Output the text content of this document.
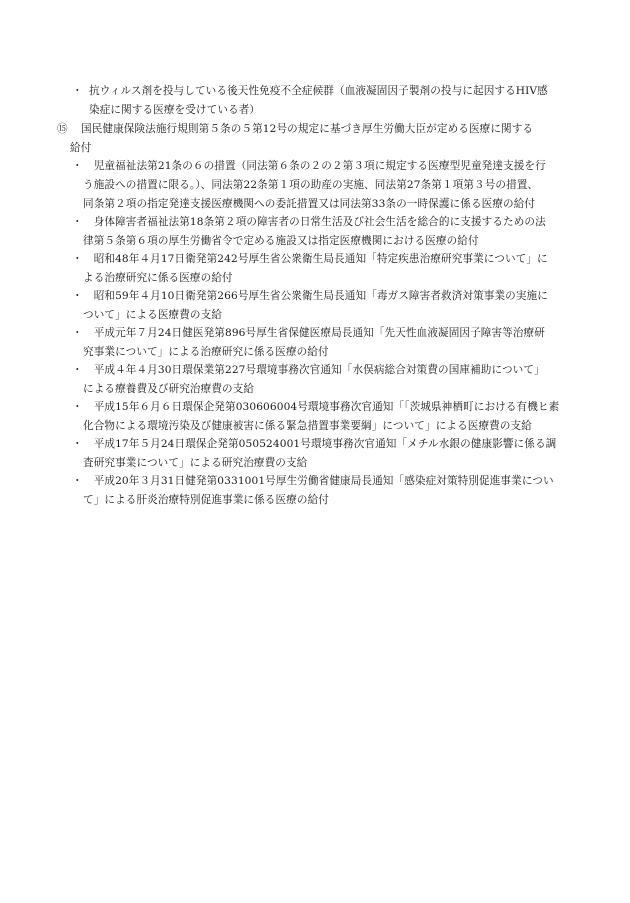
・ 抗ウィルス剤を投与している後天性免疫不全症候群（血液凝固因子製剤の投与に起因するHIV感
染症に関する医療を受けている者）
⑮	国民健康保険法施行規則第５条の５第12号の規定に基づき厚生労働大臣が定める医療に関する
給付
・ 　児童福祉法第21条の６の措置（同法第６条の２の２第３項に規定する医療型児童発達支援を行
う施設への措置に限る。）、同法第22条第１項の助産の実施、同法第27条第１項第３号の措置、
同条第２項の指定発達支援医療機関への委託措置又は同法第33条の一時保護に係る医療の給付
・ 　身体障害者福祉法第18条第２項の障害者の日常生活及び社会生活を総合的に支援するための法
律第５条第６項の厚生労働省令で定める施設又は指定医療機関における医療の給付
・ 　昭和48年４月17日衛発第242号厚生省公衆衛生局長通知「特定疾患治療研究事業について」に
よる治療研究に係る医療の給付
・ 　昭和59年４月10日衛発第266号厚生省公衆衛生局長通知「毒ガス障害者救済対策事業の実施に
ついて」による医療費の支給
・ 　平成元年７月24日健医発第896号厚生省保健医療局長通知「先天性血液凝固因子障害等治療研
究事業について」による治療研究に係る医療の給付
・ 　平成４年４月30日環保業第227号環境事務次官通知「水俣病総合対策費の国庫補助について」
による療養費及び研究治療費の支給
・ 　平成15年６月６日環保企発第030606004号環境事務次官通知「「茨城県神栖町における有機ヒ素
化合物による環境汚染及び健康被害に係る緊急措置事業要綱」について」による医療費の支給
・ 　平成17年５月24日環保企発第050524001号環境事務次官通知「メチル水銀の健康影響に係る調
査研究事業について」による研究治療費の支給
・ 　平成20年３月31日健発第0331001号厚生労働省健康局長通知「感染症対策特別促進事業につい
て」による肝炎治療特別促進事業に係る医療の給付
